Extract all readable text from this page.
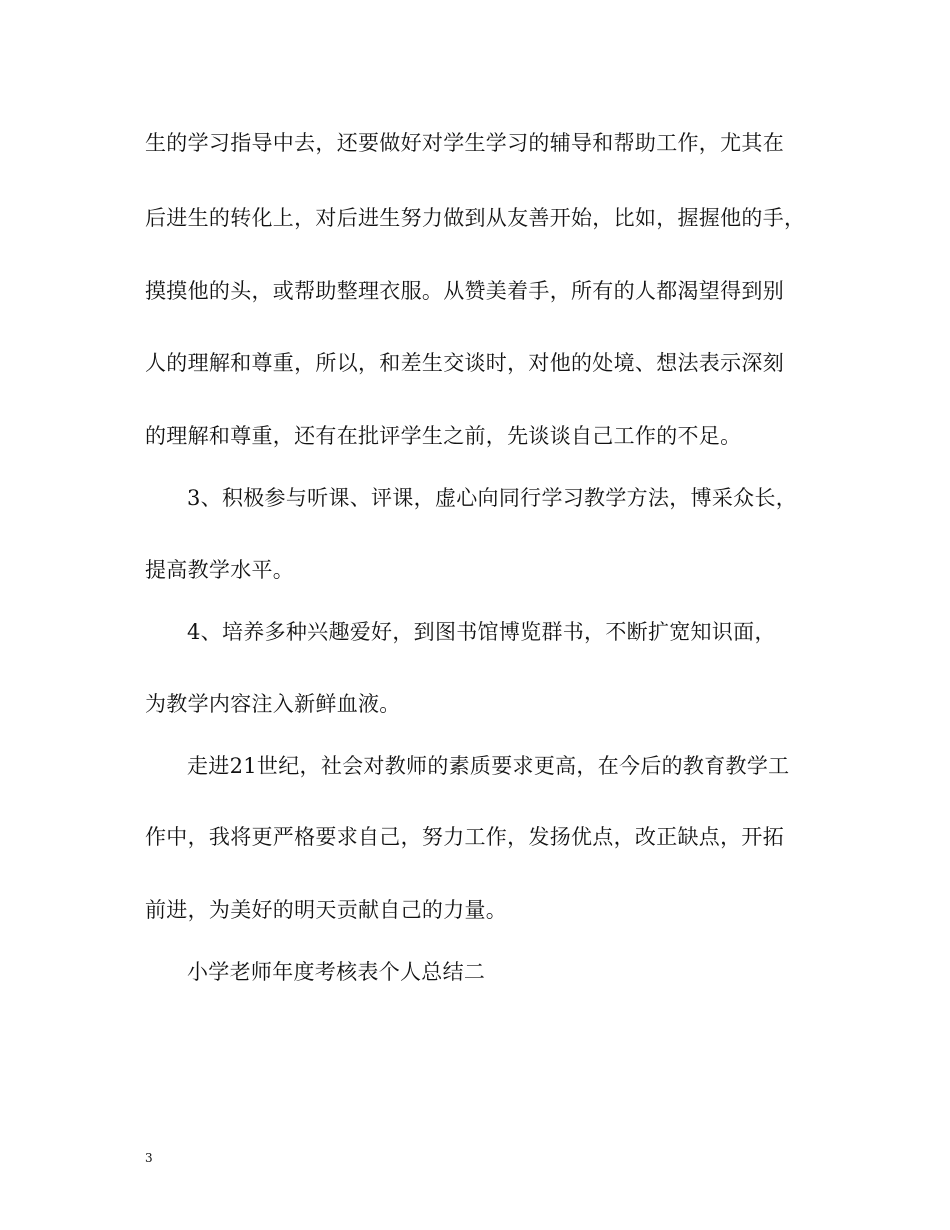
生的学习指导中去，还要做好对学生学习的辅导和帮助工作，尤其在
后进生的转化上，对后进生努力做到从友善开始，比如，握握他的手，
摸摸他的头，或帮助整理衣服。从赞美着手，所有的人都渴望得到别
人的理解和尊重，所以，和差生交谈时，对他的处境、想法表示深刻
的理解和尊重，还有在批评学生之前，先谈谈自己工作的不足。
3、积极参与听课、评课，虚心向同行学习教学方法，博采众长，
提高教学水平。
4、培养多种兴趣爱好，到图书馆博览群书，不断扩宽知识面，
为教学内容注入新鲜血液。
走进21世纪，社会对教师的素质要求更高，在今后的教育教学工
作中，我将更严格要求自己，努力工作，发扬优点，改正缺点，开拓
前进，为美好的明天贡献自己的力量。
小学老师年度考核表个人总结二
3
